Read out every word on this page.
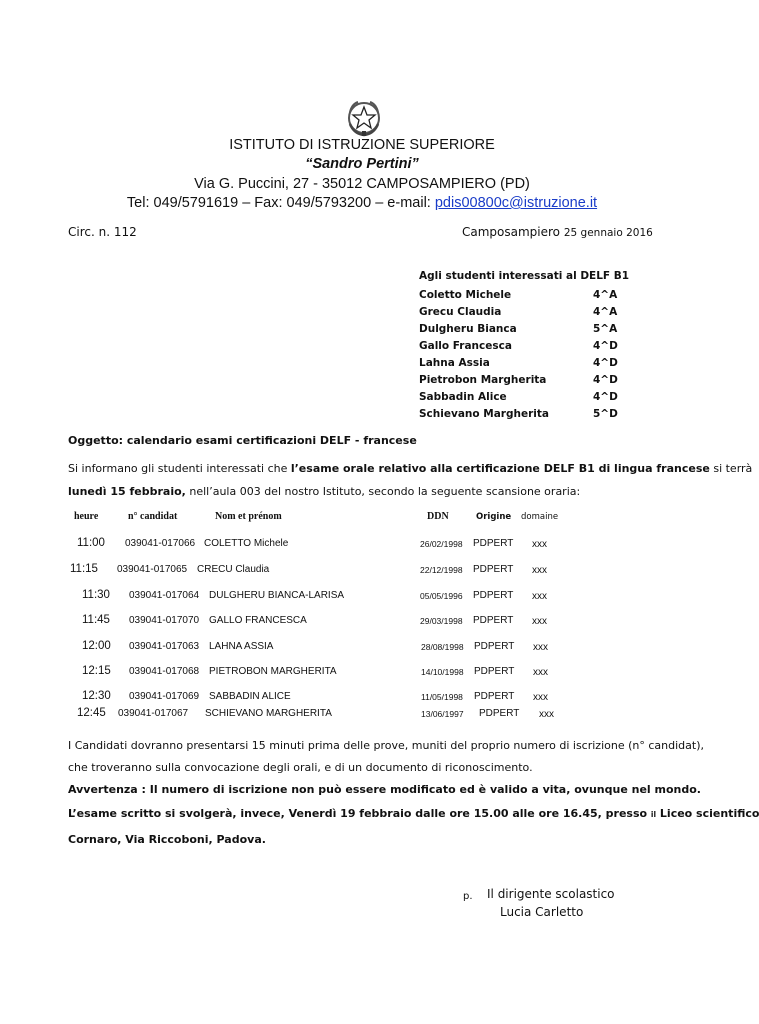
ISTITUTO DI ISTRUZIONE SUPERIORE
“Sandro Pertini”
Via G. Puccini, 27 - 35012 CAMPOSAMPIERO (PD)
Tel: 049/5791619 – Fax: 049/5793200 – e-mail: pdis00800c@istruzione.it
Circ. n. 112	Camposampiero 25 gennaio 2016
Agli studenti interessati al DELF B1
Coletto Michele	4^A
Grecu Claudia	4^A
Dulgheru Bianca	5^A
Gallo Francesca	4^D
Lahna Assia	4^D
Pietrobon Margherita	4^D
Sabbadin Alice	4^D
Schievano Margherita	5^D
Oggetto: calendario esami certificazioni DELF - francese
Si informano gli studenti interessati che l’esame orale relativo alla certificazione DELF B1 di lingua francese si terrà
lunedì 15 febbraio, nell’aula 003 del nostro Istituto, secondo la seguente scansione oraria:
heure	n° candidat	Nom et prénom	DDN	Origine domaine
11:00 039041-017066 COLETTO Michele	26/02/1998 PDPERT xxx
11:15 039041-017065 CRECU Claudia	22/12/1998 PDPERT xxx
11:30 039041-017064 DULGHERU BIANCA-LARISA	05/05/1996 PDPERT xxx
11:45 039041-017070 GALLO FRANCESCA	29/03/1998 PDPERT xxx
12:00 039041-017063 LAHNA ASSIA	28/08/1998 PDPERT xxx
12:15 039041-017068 PIETROBON MARGHERITA	14/10/1998 PDPERT xxx
12:30 039041-017069 SABBADIN ALICE	11/05/1998 PDPERT xxx
12:45 039041-017067 SCHIEVANO MARGHERITA	13/06/1997 PDPERT xxx
I Candidati dovranno presentarsi 15 minuti prima delle prove, muniti del proprio numero di iscrizione (n° candidat),
che troveranno sulla convocazione degli orali, e di un documento di riconoscimento.
Avvertenza : Il numero di iscrizione non può essere modificato ed è valido a vita, ovunque nel mondo.
L’esame scritto si svolgerà, invece, Venerdì 19 febbraio dalle ore 15.00 alle ore 16.45, presso il Liceo scientifico
Cornaro, Via Riccoboni, Padova.
p. Il dirigente scolastico
Lucia Carletto
